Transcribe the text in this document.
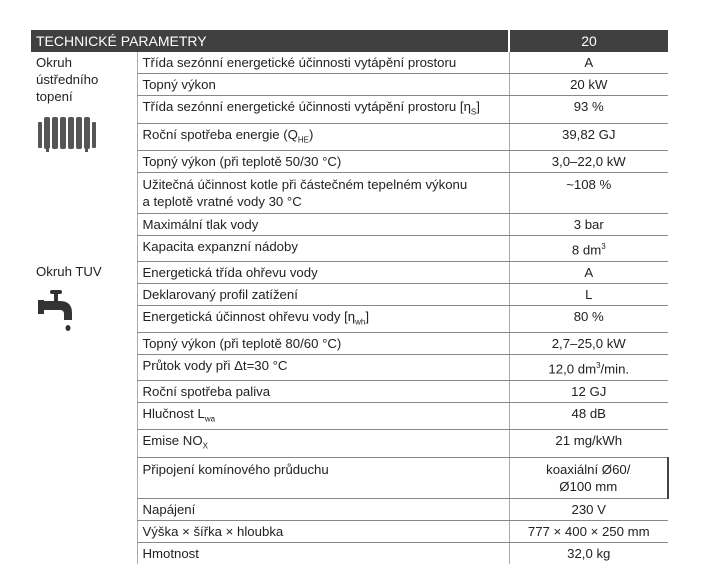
TECHNICKÉ PARAMETRY		20
Okruh
ústředního
topení	Třída sezónní energetické účinnosti vytápění prostoru	A
	Topný výkon	20 kW
	Třída sezónní energetické účinnosti vytápění prostoru $[\eta_S]$	93 %
	Roční spotřeba energie $(Q_{HE})$	39,82 GJ
	Topný výkon (při teplotě 50/30 °C)	3,0–22,0 kW
	Užitečná účinnost kotle při částečném tepelném výkonu
a teplotě vratné vody 30 °C	~108 %
	Maximální tlak vody	3 bar
	Kapacita expanzní nádoby	8 $dm^3$
Okruh TUV	Energetická třída ohřevu vody	A
	Deklarovaný profil zatížení	L
	Energetická účinnost ohřevu vody $[\eta_{wh}]$	80 %
	Topný výkon (při teplotě 80/60 °C)	2,7–25,0 kW
	Průtok vody při Δt=30 °C	12,0 $dm^3/\min$.
	Roční spotřeba paliva	12 GJ
	Hlučnost $L_{wa}$	48 dB
	Emise $NO_X$	21 mg/kWh
	Připojení komínového průduchu	koaxiální Ø60/
Ø100 mm
	Napájení	230 V
	Výška × šířka × hloubka	777 × 400 × 250 mm
	Hmotnost	32,0 kg
